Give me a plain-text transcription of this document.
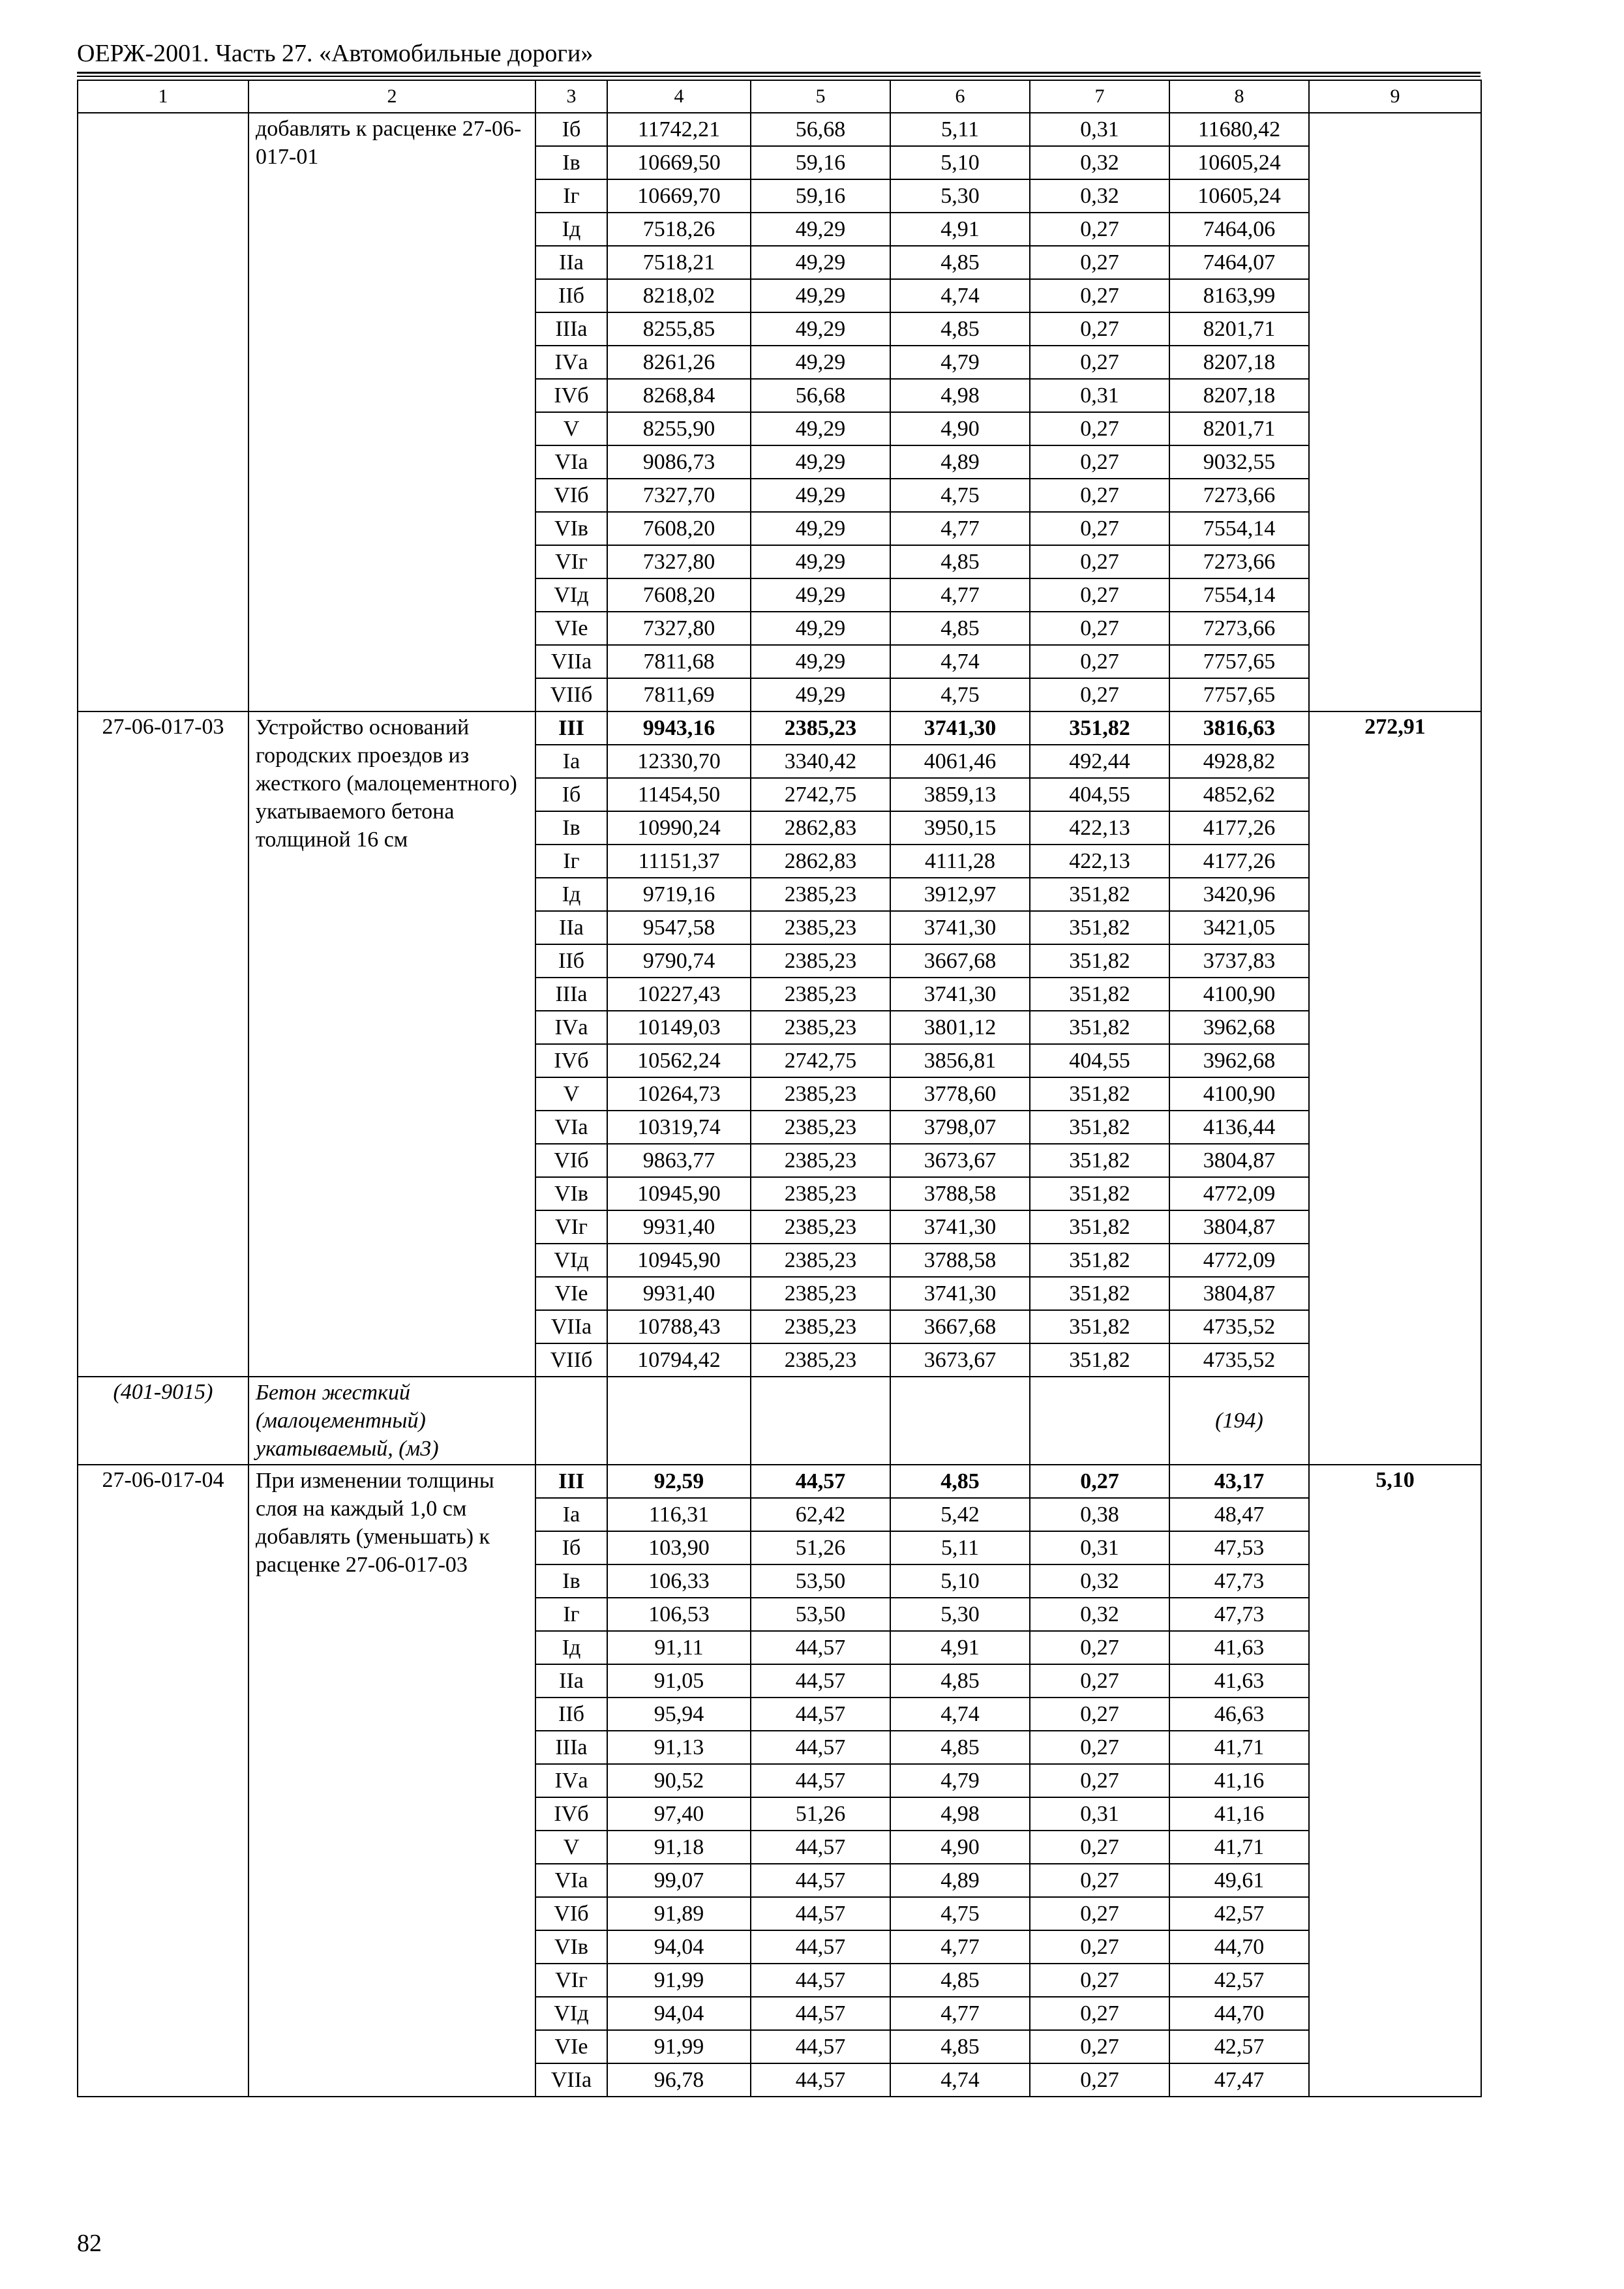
ОЕРЖ-2001. Часть 27. «Автомобильные дороги»
1	2	3	4	5	6	7	8	9
	добавлять к расценке 27-06-017-01	Iб	11742,21	56,68	5,11	0,31	11680,42	
		Iв	10669,50	59,16	5,10	0,32	10605,24	
		Iг	10669,70	59,16	5,30	0,32	10605,24	
		Iд	7518,26	49,29	4,91	0,27	7464,06	
		IIа	7518,21	49,29	4,85	0,27	7464,07	
		IIб	8218,02	49,29	4,74	0,27	8163,99	
		IIIа	8255,85	49,29	4,85	0,27	8201,71	
		IVа	8261,26	49,29	4,79	0,27	8207,18	
		IVб	8268,84	56,68	4,98	0,31	8207,18	
		V	8255,90	49,29	4,90	0,27	8201,71	
		VIа	9086,73	49,29	4,89	0,27	9032,55	
		VIб	7327,70	49,29	4,75	0,27	7273,66	
		VIв	7608,20	49,29	4,77	0,27	7554,14	
		VIг	7327,80	49,29	4,85	0,27	7273,66	
		VIд	7608,20	49,29	4,77	0,27	7554,14	
		VIе	7327,80	49,29	4,85	0,27	7273,66	
		VIIа	7811,68	49,29	4,74	0,27	7757,65	
		VIIб	7811,69	49,29	4,75	0,27	7757,65	
27-06-017-03	Устройство оснований городских проездов из жесткого (малоцементного) укатываемого бетона толщиной 16 см	III	9943,16	2385,23	3741,30	351,82	3816,63	272,91
		Iа	12330,70	3340,42	4061,46	492,44	4928,82	
		Iб	11454,50	2742,75	3859,13	404,55	4852,62	
		Iв	10990,24	2862,83	3950,15	422,13	4177,26	
		Iг	11151,37	2862,83	4111,28	422,13	4177,26	
		Iд	9719,16	2385,23	3912,97	351,82	3420,96	
		IIа	9547,58	2385,23	3741,30	351,82	3421,05	
		IIб	9790,74	2385,23	3667,68	351,82	3737,83	
		IIIа	10227,43	2385,23	3741,30	351,82	4100,90	
		IVа	10149,03	2385,23	3801,12	351,82	3962,68	
		IVб	10562,24	2742,75	3856,81	404,55	3962,68	
		V	10264,73	2385,23	3778,60	351,82	4100,90	
		VIа	10319,74	2385,23	3798,07	351,82	4136,44	
		VIб	9863,77	2385,23	3673,67	351,82	3804,87	
		VIв	10945,90	2385,23	3788,58	351,82	4772,09	
		VIг	9931,40	2385,23	3741,30	351,82	3804,87	
		VIд	10945,90	2385,23	3788,58	351,82	4772,09	
		VIе	9931,40	2385,23	3741,30	351,82	3804,87	
		VIIа	10788,43	2385,23	3667,68	351,82	4735,52	
		VIIб	10794,42	2385,23	3673,67	351,82	4735,52	
(401-9015)	Бетон жесткий (малоцементный) укатываемый, (м3)						(194)	
27-06-017-04	При изменении толщины слоя на каждый 1,0 см добавлять (уменьшать) к расценке 27-06-017-03	III	92,59	44,57	4,85	0,27	43,17	5,10
		Iа	116,31	62,42	5,42	0,38	48,47	
		Iб	103,90	51,26	5,11	0,31	47,53	
		Iв	106,33	53,50	5,10	0,32	47,73	
		Iг	106,53	53,50	5,30	0,32	47,73	
		Iд	91,11	44,57	4,91	0,27	41,63	
		IIа	91,05	44,57	4,85	0,27	41,63	
		IIб	95,94	44,57	4,74	0,27	46,63	
		IIIа	91,13	44,57	4,85	0,27	41,71	
		IVа	90,52	44,57	4,79	0,27	41,16	
		IVб	97,40	51,26	4,98	0,31	41,16	
		V	91,18	44,57	4,90	0,27	41,71	
		VIа	99,07	44,57	4,89	0,27	49,61	
		VIб	91,89	44,57	4,75	0,27	42,57	
		VIв	94,04	44,57	4,77	0,27	44,70	
		VIг	91,99	44,57	4,85	0,27	42,57	
		VIд	94,04	44,57	4,77	0,27	44,70	
		VIе	91,99	44,57	4,85	0,27	42,57	
		VIIа	96,78	44,57	4,74	0,27	47,47	
82
